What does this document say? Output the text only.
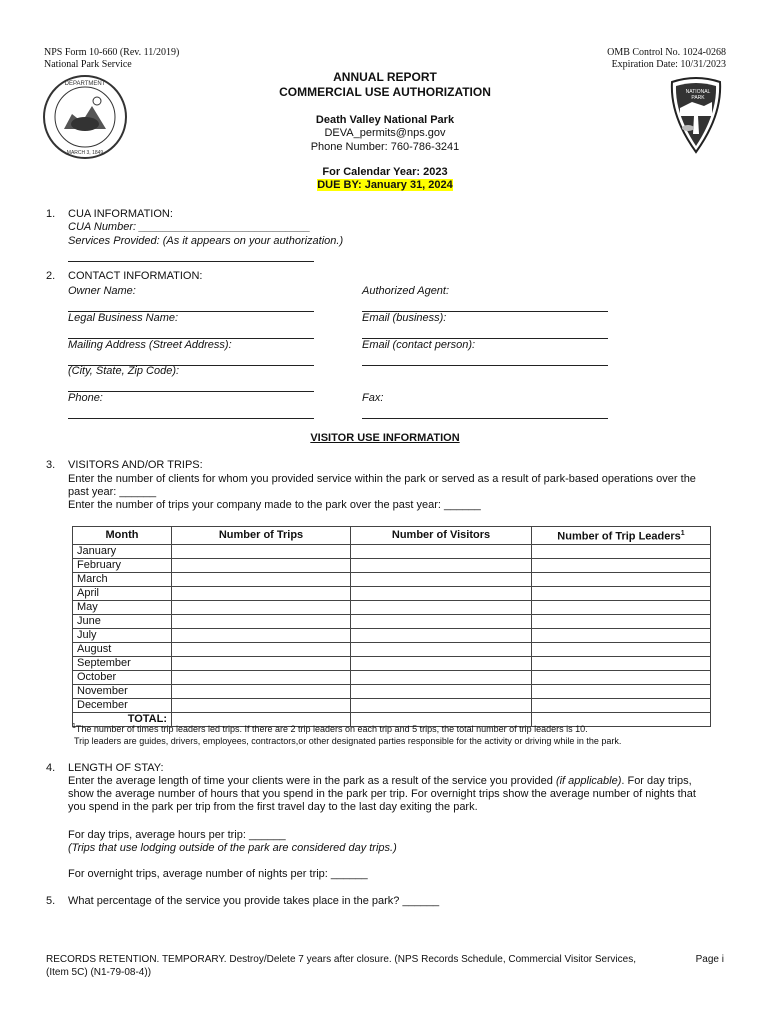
NPS Form 10-660 (Rev. 11/2019)
National Park Service
OMB Control No. 1024-0268
Expiration Date: 10/31/2023
DEPARTMENT
MARCH 3, 1849
NATIONAL
PARK
ANNUAL REPORT
COMMERCIAL USE AUTHORIZATION
Death Valley National Park
DEVA_permits@nps.gov
Phone Number: 760-786-3241
For Calendar Year: 2023
DUE BY: January 31, 2024
1. CUA INFORMATION:
CUA Number: ____________________________
Services Provided: (As it appears on your authorization.)
2. CONTACT INFORMATION:
Owner Name:
Legal Business Name:
Mailing Address (Street Address):
(City, State, Zip Code):
Phone:
Authorized Agent:
Email (business):
Email (contact person):
Fax:
VISITOR USE INFORMATION
3. VISITORS AND/OR TRIPS:
Enter the number of clients for whom you provided service within the park or served as a result of park-based operations over the
past year: ______
Enter the number of trips your company made to the park over the past year: ______
Month	Number of Trips	Number of Visitors	Number of Trip Leaders$^1$
January			
February			
March			
April			
May			
June			
July			
August			
September			
October			
November			
December			
TOTAL:			
$^1$The number of times trip leaders led trips. If there are 2 trip leaders on each trip and 5 trips, the total number of trip leaders is 10.
Trip leaders are guides, drivers, employees, contractors,or other designated parties responsible for the activity or driving while in the park.
4. LENGTH OF STAY:
Enter the average length of time your clients were in the park as a result of the service you provided (if applicable). For day trips,
show the average number of hours that you spend in the park per trip. For overnight trips show the average number of nights that
you spend in the park per trip from the first travel day to the last day exiting the park.
For day trips, average hours per trip: ______
(Trips that use lodging outside of the park are considered day trips.)
For overnight trips, average number of nights per trip: ______
5. What percentage of the service you provide takes place in the park? ______
RECORDS RETENTION. TEMPORARY. Destroy/Delete 7 years after closure. (NPS Records Schedule, Commercial Visitor Services,
(Item 5C) (N1-79-08-4))
Page i
